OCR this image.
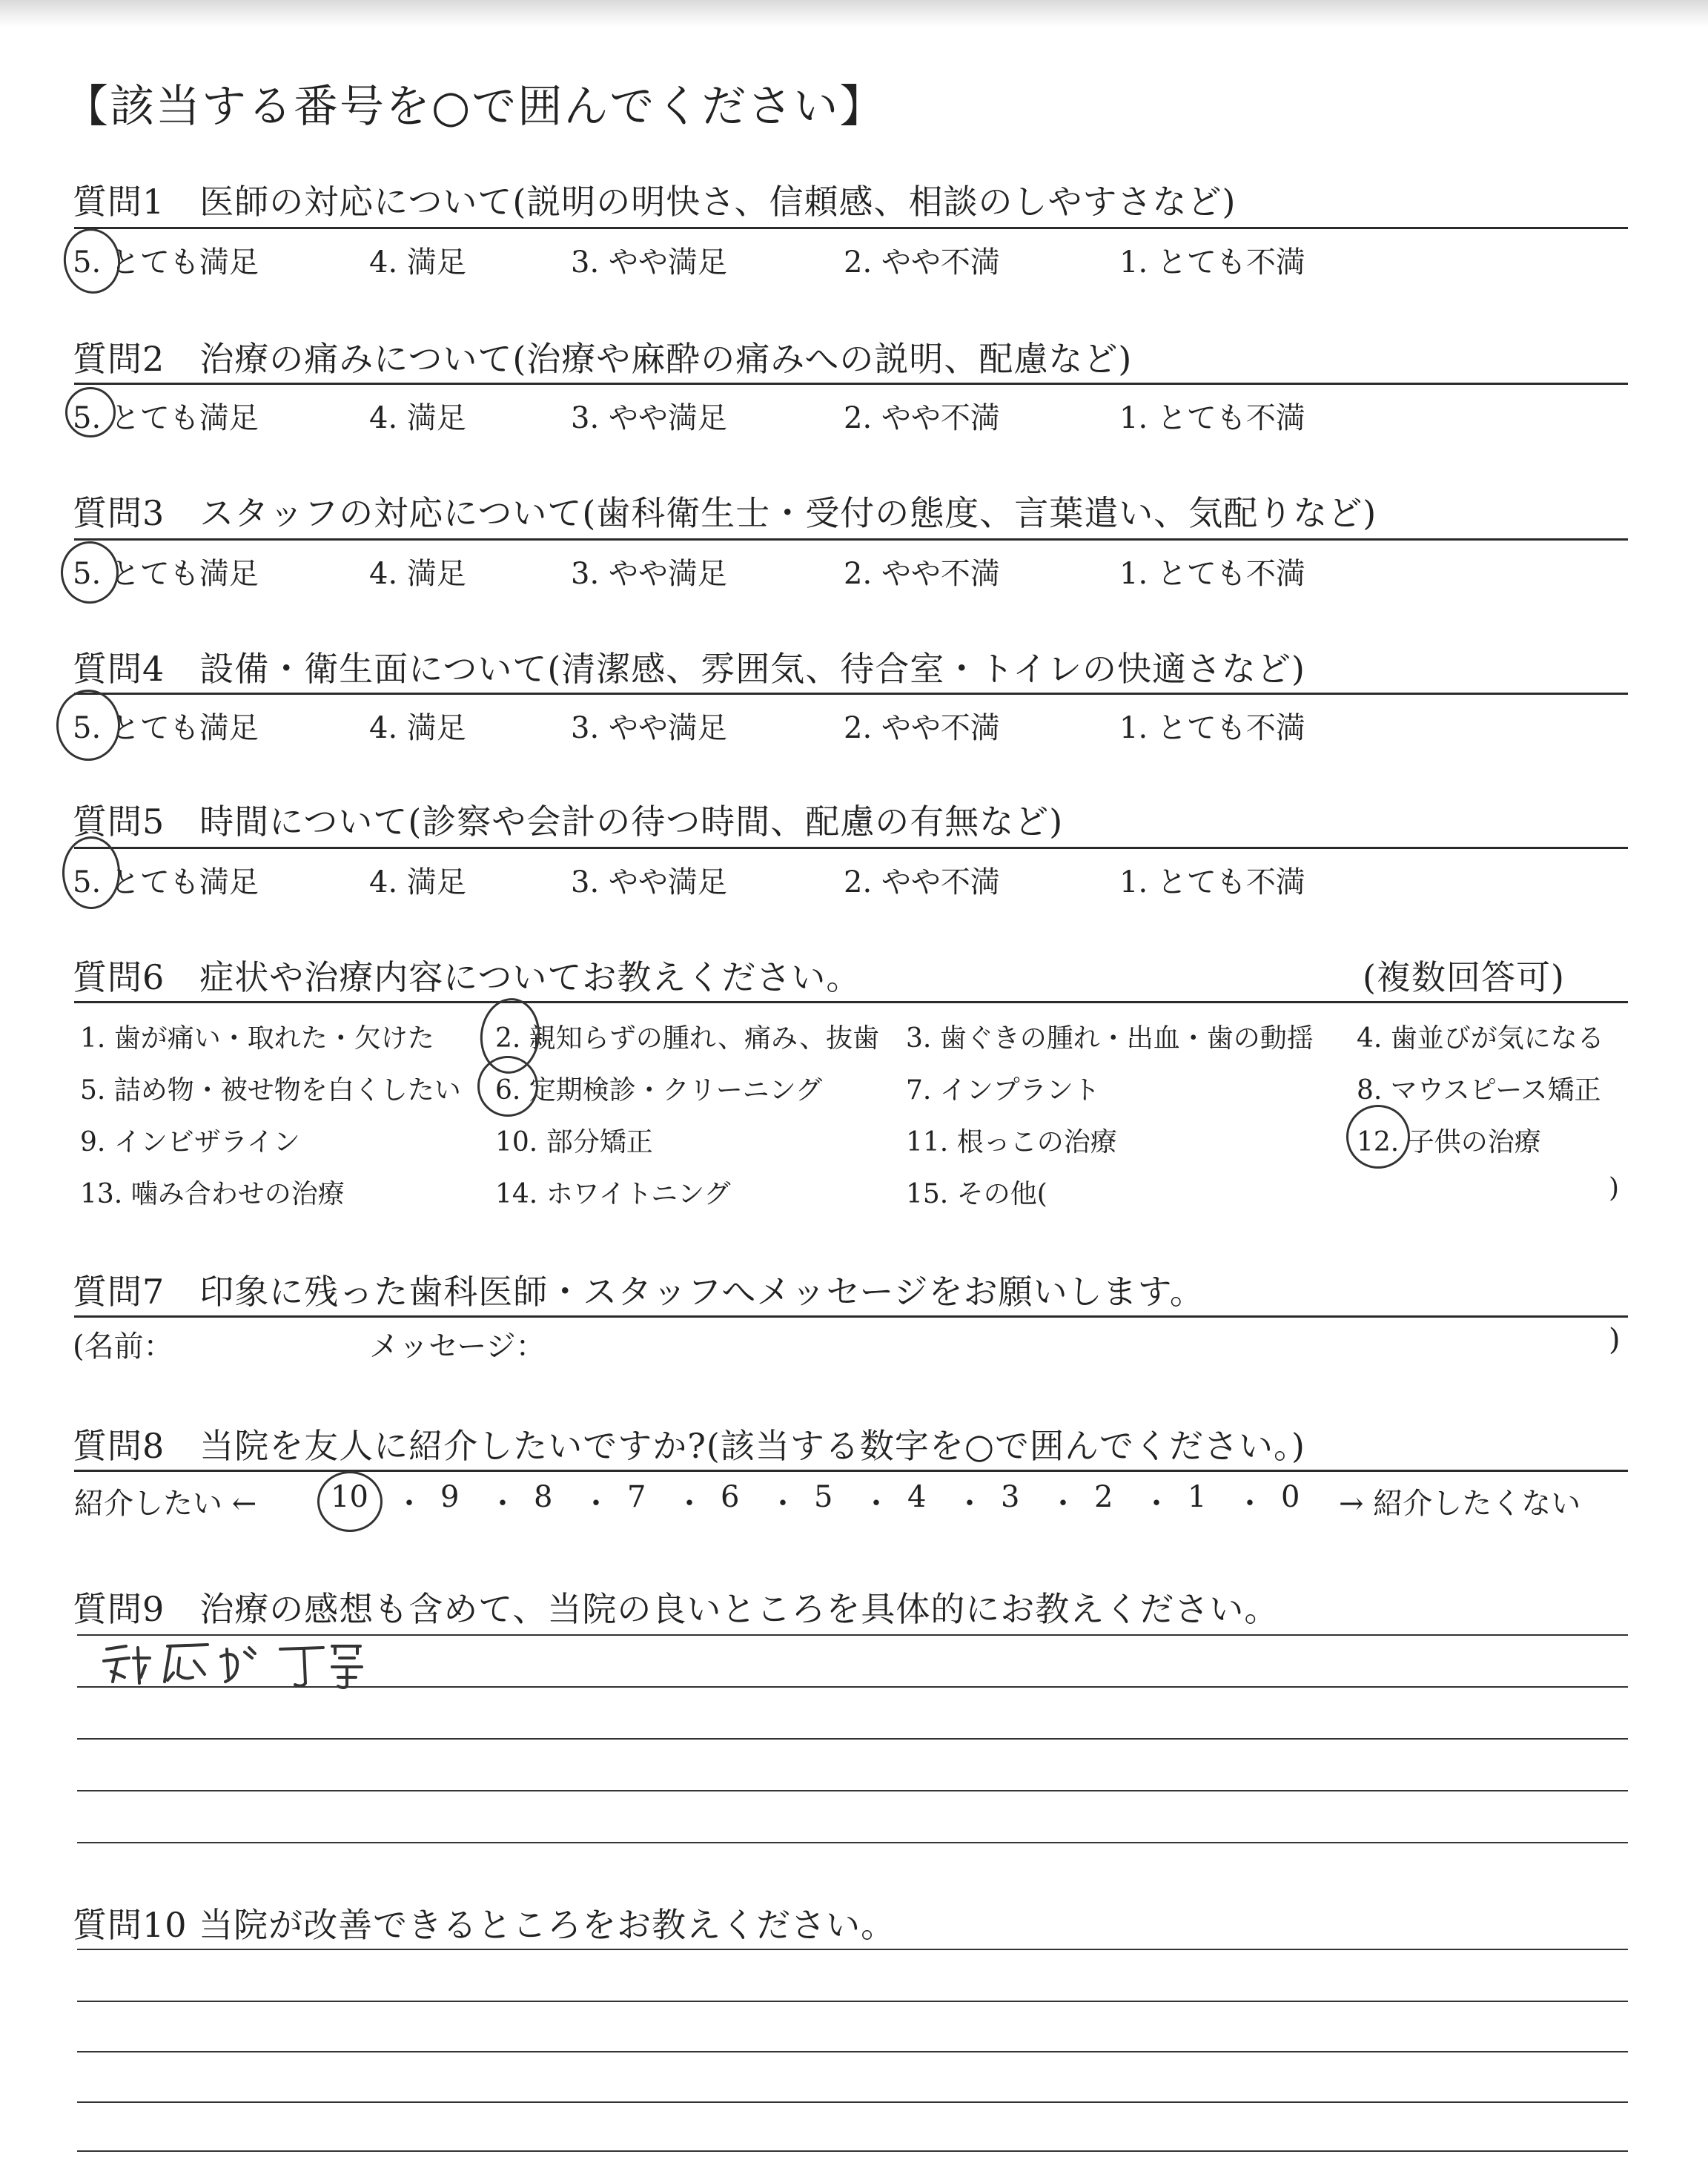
【該当する番号を○で囲んでください】
質問1　医師の対応について(説明の明快さ、信頼感、相談のしやすさなど)
5. とても満足	4. 満足	3. やや満足	2. やや不満	1. とても不満
質問2　治療の痛みについて(治療や麻酔の痛みへの説明、配慮など)
5. とても満足	4. 満足	3. やや満足	2. やや不満	1. とても不満
質問3　スタッフの対応について(歯科衛生士・受付の態度、言葉遣い、気配りなど)
5. とても満足	4. 満足	3. やや満足	2. やや不満	1. とても不満
質問4　設備・衛生面について(清潔感、雰囲気、待合室・トイレの快適さなど)
5. とても満足	4. 満足	3. やや満足	2. やや不満	1. とても不満
質問5　時間について(診察や会計の待つ時間、配慮の有無など)
5. とても満足	4. 満足	3. やや満足	2. やや不満	1. とても不満
質問6　症状や治療内容についてお教えください。	(複数回答可)
1. 歯が痛い・取れた・欠けた 2. 親知らずの腫れ、痛み、抜歯 3. 歯ぐきの腫れ・出血・歯の動揺 4. 歯並びが気になる
5. 詰め物・被せ物を白くしたい 6. 定期検診・クリーニング	7. インプラント	8. マウスピース矯正
9. インビザライン	10. 部分矯正	11. 根っこの治療	12. 子供の治療
13. 噛み合わせの治療	14. ホワイトニング	15. その他(	)
質問7　印象に残った歯科医師・スタッフへメッセージをお願いします。
(名前：	メッセージ：	)
質問8　当院を友人に紹介したいですか?(該当する数字を○で囲んでください。)
紹介したい ← 10 ・ 9 ・ 8 ・ 7 ・ 6 ・ 5 ・ 4 ・ 3 ・ 2 ・ 1 ・ 0 → 紹介したくない
質問9　治療の感想も含めて、当院の良いところを具体的にお教えください。
質問10 当院が改善できるところをお教えください。
